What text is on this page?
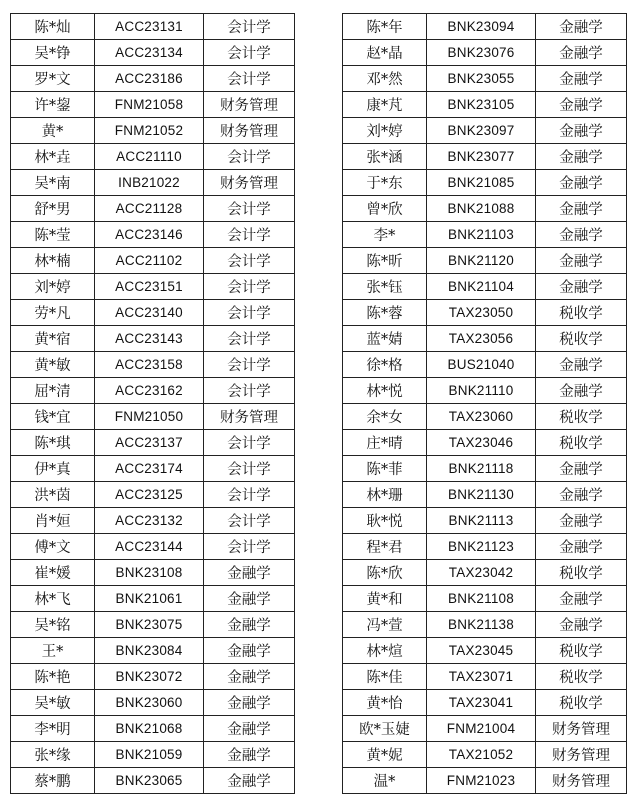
陈*灿	ACC23131	会计学
吴*铮	ACC23134	会计学
罗*文	ACC23186	会计学
许*鋆	FNM21058	财务管理
黄*	FNM21052	财务管理
林*垚	ACC21110	会计学
吴*南	INB21022	财务管理
舒*男	ACC21128	会计学
陈*莹	ACC23146	会计学
林*楠	ACC21102	会计学
刘*婷	ACC23151	会计学
劳*凡	ACC23140	会计学
黄*宿	ACC23143	会计学
黄*敏	ACC23158	会计学
屈*清	ACC23162	会计学
钱*宜	FNM21050	财务管理
陈*琪	ACC23137	会计学
伊*真	ACC23174	会计学
洪*茵	ACC23125	会计学
肖*姮	ACC23132	会计学
傅*文	ACC23144	会计学
崔*媛	BNK23108	金融学
林*飞	BNK21061	金融学
吴*铭	BNK23075	金融学
王*	BNK23084	金融学
陈*艳	BNK23072	金融学
吴*敏	BNK23060	金融学
李*明	BNK21068	金融学
张*缘	BNK21059	金融学
蔡*鹏	BNK23065	金融学
陈*年	BNK23094	金融学
赵*晶	BNK23076	金融学
邓*然	BNK23055	金融学
康*芃	BNK23105	金融学
刘*婷	BNK23097	金融学
张*涵	BNK23077	金融学
于*东	BNK21085	金融学
曾*欣	BNK21088	金融学
李*	BNK21103	金融学
陈*昕	BNK21120	金融学
张*钰	BNK21104	金融学
陈*蓉	TAX23050	税收学
蓝*婧	TAX23056	税收学
徐*格	BUS21040	金融学
林*悦	BNK21110	金融学
余*女	TAX23060	税收学
庄*晴	TAX23046	税收学
陈*菲	BNK21118	金融学
林*珊	BNK21130	金融学
耿*悦	BNK21113	金融学
程*君	BNK21123	金融学
陈*欣	TAX23042	税收学
黄*和	BNK21108	金融学
冯*萱	BNK21138	金融学
林*煊	TAX23045	税收学
陈*佳	TAX23071	税收学
黄*怡	TAX23041	税收学
欧*玉婕	FNM21004	财务管理
黄*妮	TAX21052	财务管理
温*	FNM21023	财务管理
